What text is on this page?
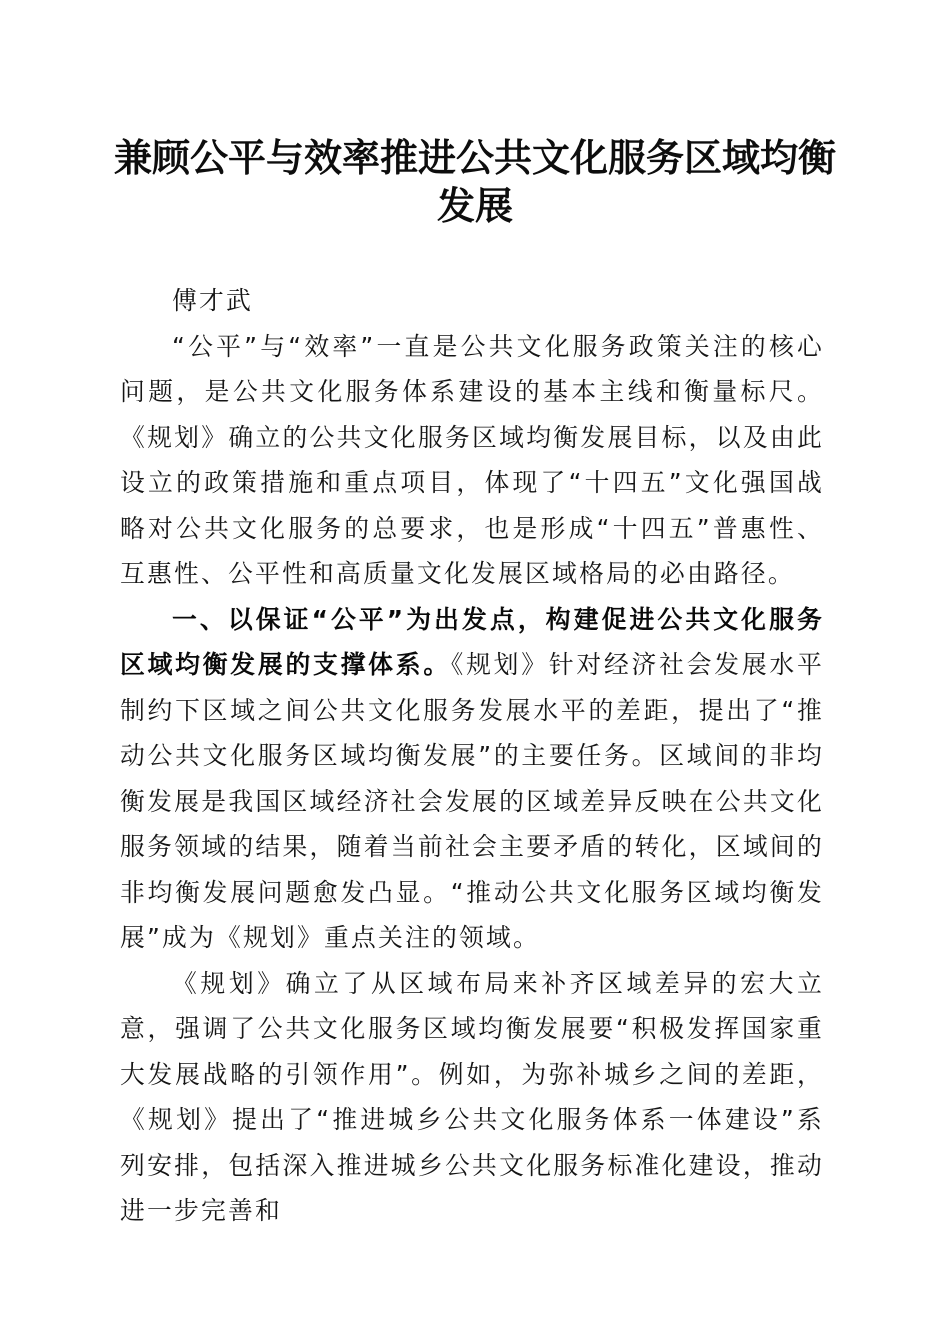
兼顾公平与效率推进公共文化服务区域均衡发展

傅才武

“公平”与“效率”一直是公共文化服务政策关注的核心问题，是公共文化服务体系建设的基本主线和衡量标尺。《规划》确立的公共文化服务区域均衡发展目标，以及由此设立的政策措施和重点项目，体现了“十四五”文化强国战略对公共文化服务的总要求，也是形成“十四五”普惠性、互惠性、公平性和高质量文化发展区域格局的必由路径。

一、以保证“公平”为出发点，构建促进公共文化服务区域均衡发展的支撑体系。《规划》针对经济社会发展水平制约下区域之间公共文化服务发展水平的差距，提出了“推动公共文化服务区域均衡发展”的主要任务。区域间的非均衡发展是我国区域经济社会发展的区域差异反映在公共文化服务领域的结果，随着当前社会主要矛盾的转化，区域间的非均衡发展问题愈发凸显。“推动公共文化服务区域均衡发展”成为《规划》重点关注的领域。

《规划》确立了从区域布局来补齐区域差异的宏大立意，强调了公共文化服务区域均衡发展要“积极发挥国家重大发展战略的引领作用”。例如，为弥补城乡之间的差距，《规划》提出了“推进城乡公共文化服务体系一体建设”系列安排，包括深入推进城乡公共文化服务标准化建设，推动进一步完善和
